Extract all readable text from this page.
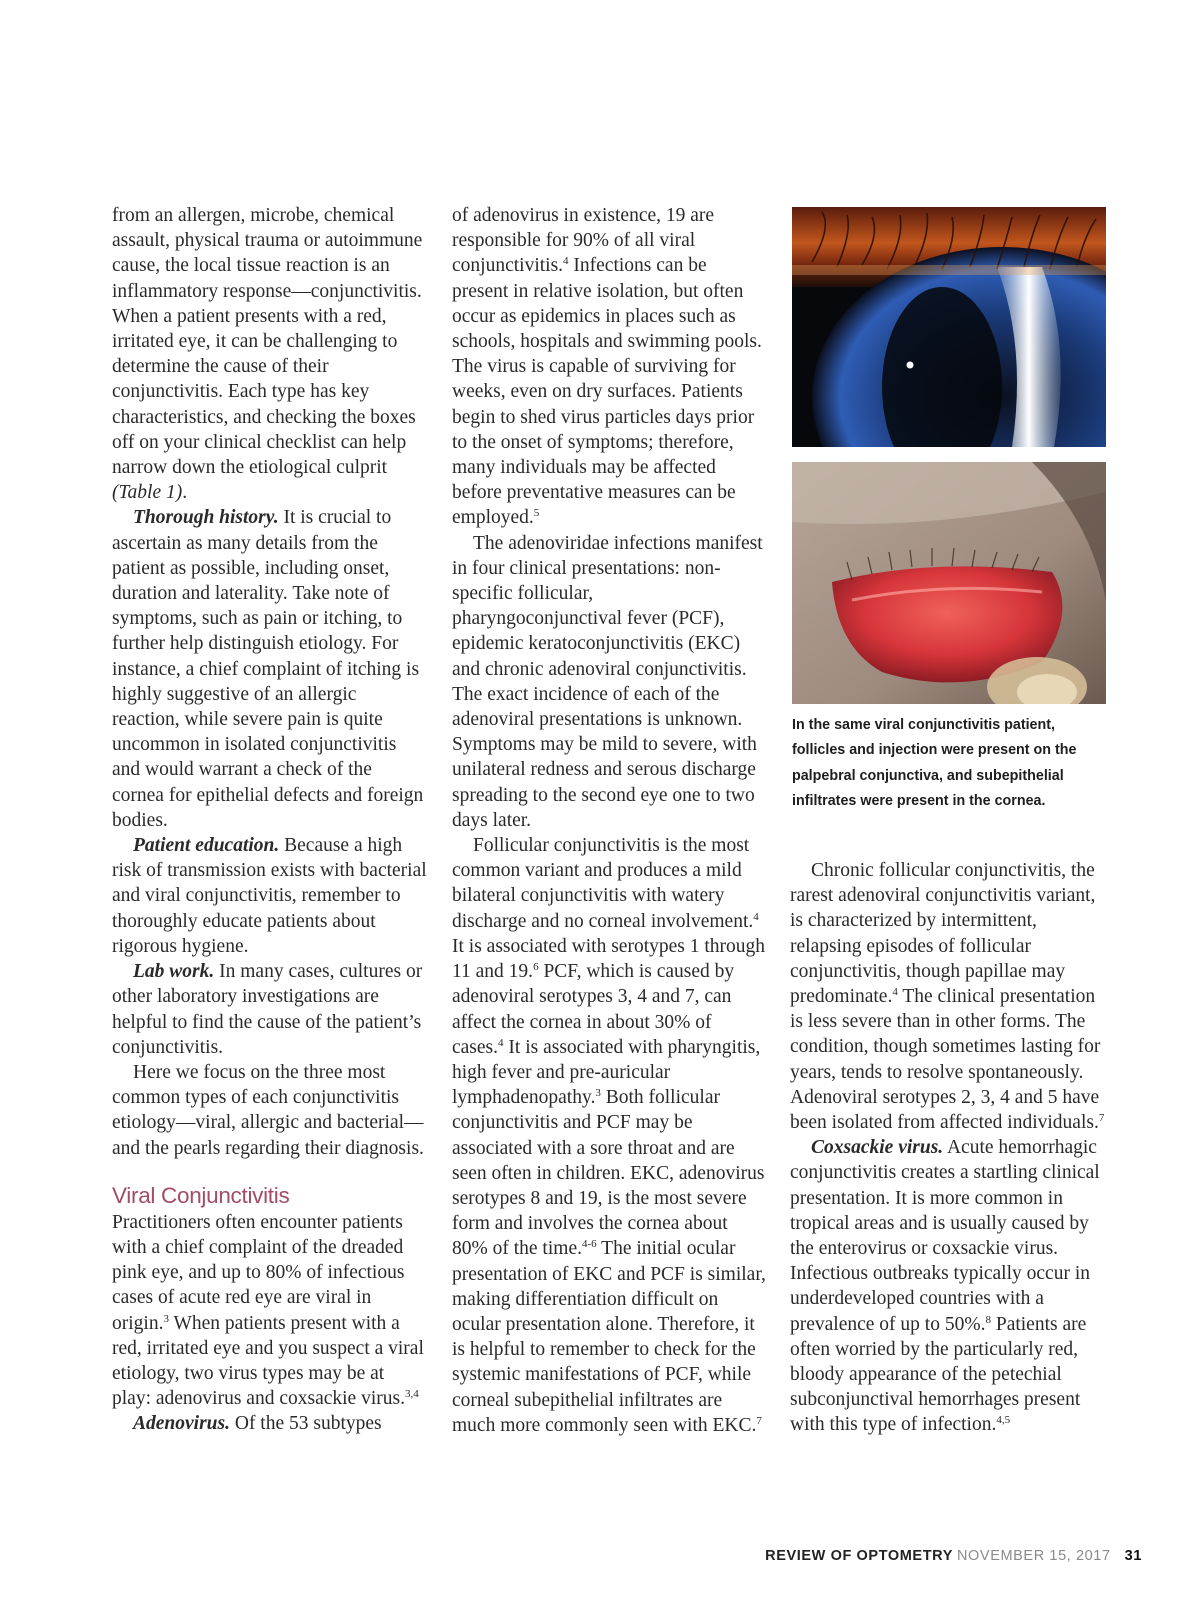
from an allergen, microbe, chemical assault, physical trauma or autoimmune cause, the local tissue reaction is an inflammatory response—conjunctivitis. When a patient presents with a red, irritated eye, it can be challenging to determine the cause of their conjunctivitis. Each type has key characteristics, and checking the boxes off on your clinical checklist can help narrow down the etiological culprit (Table 1).

Thorough history. It is crucial to ascertain as many details from the patient as possible, including onset, duration and laterality. Take note of symptoms, such as pain or itching, to further help distinguish etiology. For instance, a chief complaint of itching is highly suggestive of an allergic reaction, while severe pain is quite uncommon in isolated conjunctivitis and would warrant a check of the cornea for epithelial defects and foreign bodies.

Patient education. Because a high risk of transmission exists with bacterial and viral conjunctivitis, remember to thoroughly educate patients about rigorous hygiene.

Lab work. In many cases, cultures or other laboratory investigations are helpful to find the cause of the patient’s conjunctivitis.

Here we focus on the three most common types of each conjunctivitis etiology—viral, allergic and bacterial—and the pearls regarding their diagnosis.

Viral Conjunctivitis

Practitioners often encounter patients with a chief complaint of the dreaded pink eye, and up to 80% of infectious cases of acute red eye are viral in origin.$^3$ When patients present with a red, irritated eye and you suspect a viral etiology, two virus types may be at play: adenovirus and coxsackie virus.$^{3,4}$

Adenovirus. Of the 53 subtypes

of adenovirus in existence, 19 are responsible for 90% of all viral conjunctivitis.$^4$ Infections can be present in relative isolation, but often occur as epidemics in places such as schools, hospitals and swimming pools. The virus is capable of surviving for weeks, even on dry surfaces. Patients begin to shed virus particles days prior to the onset of symptoms; therefore, many individuals may be affected before preventative measures can be employed.$^5$

The adenoviridae infections manifest in four clinical presentations: non-specific follicular, pharyngoconjunctival fever (PCF), epidemic keratoconjunctivitis (EKC) and chronic adenoviral conjunctivitis. The exact incidence of each of the adenoviral presentations is unknown. Symptoms may be mild to severe, with unilateral redness and serous discharge spreading to the second eye one to two days later.

Follicular conjunctivitis is the most common variant and produces a mild bilateral conjunctivitis with watery discharge and no corneal involvement.$^4$ It is associated with serotypes 1 through 11 and 19.$^6$ PCF, which is caused by adenoviral serotypes 3, 4 and 7, can affect the cornea in about 30% of cases.$^4$ It is associated with pharyngitis, high fever and pre-auricular lymphadenopathy.$^3$ Both follicular conjunctivitis and PCF may be associated with a sore throat and are seen often in children. EKC, adenovirus serotypes 8 and 19, is the most severe form and involves the cornea about 80% of the time.$^{4-6}$ The initial ocular presentation of EKC and PCF is similar, making differentiation difficult on ocular presentation alone. Therefore, it is helpful to remember to check for the systemic manifestations of PCF, while corneal subepithelial infiltrates are much more commonly seen with EKC.$^7$

In the same viral conjunctivitis patient, follicles and injection were present on the palpebral conjunctiva, and subepithelial infiltrates were present in the cornea.

Chronic follicular conjunctivitis, the rarest adenoviral conjunctivitis variant, is characterized by intermittent, relapsing episodes of follicular conjunctivitis, though papillae may predominate.$^4$ The clinical presentation is less severe than in other forms. The condition, though sometimes lasting for years, tends to resolve spontaneously. Adenoviral serotypes 2, 3, 4 and 5 have been isolated from affected individuals.$^7$

Coxsackie virus. Acute hemorrhagic conjunctivitis creates a startling clinical presentation. It is more common in tropical areas and is usually caused by the enterovirus or coxsackie virus. Infectious outbreaks typically occur in underdeveloped countries with a prevalence of up to 50%.$^8$ Patients are often worried by the particularly red, bloody appearance of the petechial subconjunctival hemorrhages present with this type of infection.$^{4,5}$

REVIEW OF OPTOMETRY NOVEMBER 15, 2017 31
